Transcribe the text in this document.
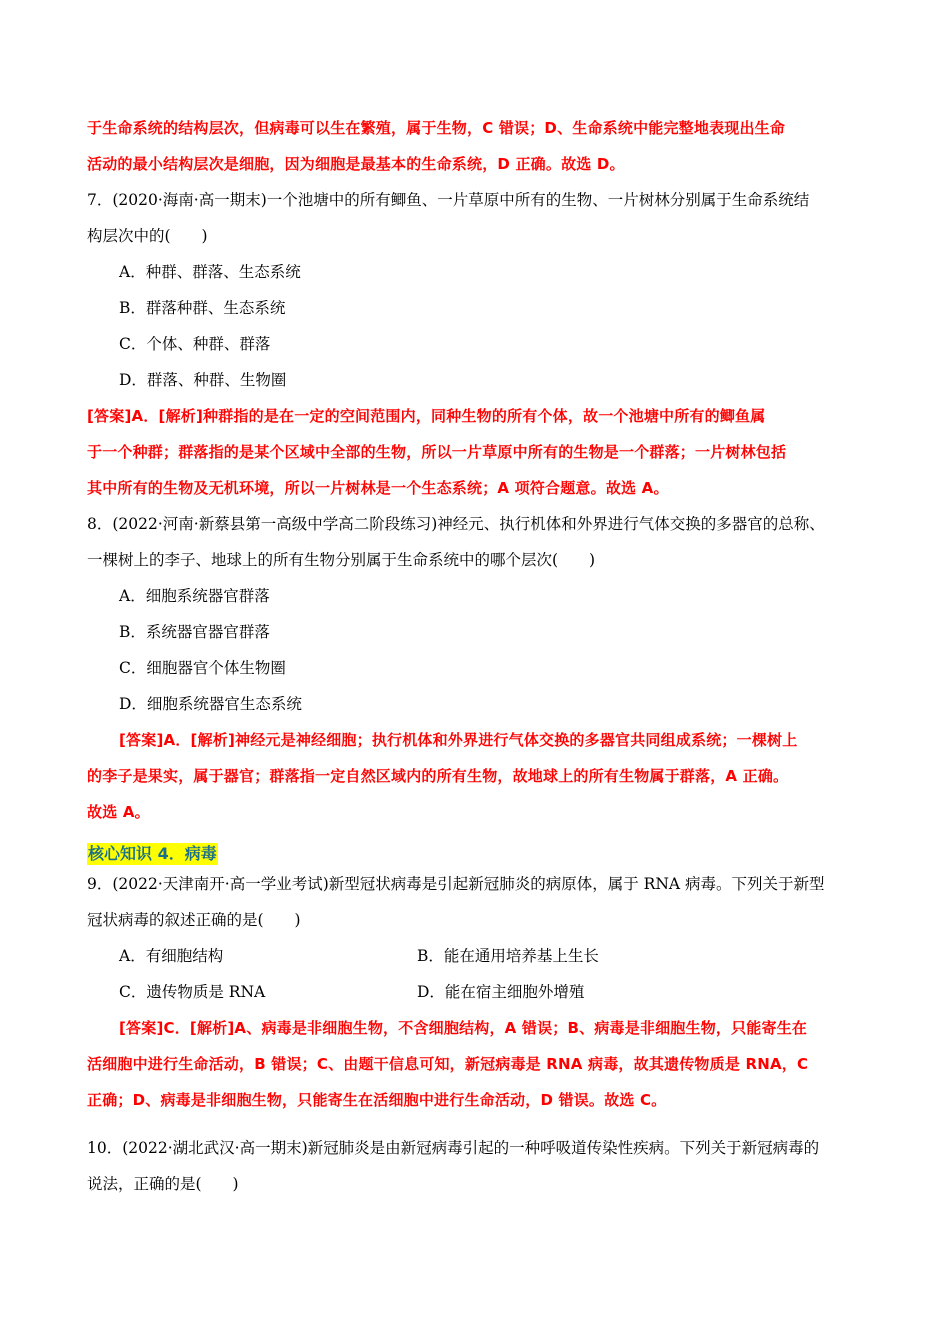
于生命系统的结构层次，但病毒可以生在繁殖，属于生物，C 错误；D、生命系统中能完整地表现出生命
活动的最小结构层次是细胞，因为细胞是最基本的生命系统，D 正确。故选 D。
7．(2020·海南·高一期末)一个池塘中的所有鲫鱼、一片草原中所有的生物、一片树林分别属于生命系统结
构层次中的(　　)
A．种群、群落、生态系统
B．群落种群、生态系统
C．个体、种群、群落
D．群落、种群、生物圈
[答案]A．[解析]种群指的是在一定的空间范围内，同种生物的所有个体，故一个池塘中所有的鲫鱼属
于一个种群；群落指的是某个区域中全部的生物，所以一片草原中所有的生物是一个群落；一片树林包括
其中所有的生物及无机环境，所以一片树林是一个生态系统；A 项符合题意。故选 A。
8．(2022·河南·新蔡县第一高级中学高二阶段练习)神经元、执行机体和外界进行气体交换的多器官的总称、
一棵树上的李子、地球上的所有生物分别属于生命系统中的哪个层次(　　)
A．细胞系统器官群落
B．系统器官器官群落
C．细胞器官个体生物圈
D．细胞系统器官生态系统
[答案]A．[解析]神经元是神经细胞；执行机体和外界进行气体交换的多器官共同组成系统；一棵树上
的李子是果实，属于器官；群落指一定自然区域内的所有生物，故地球上的所有生物属于群落，A 正确。
故选 A。
核心知识 4．病毒
9．(2022·天津南开·高一学业考试)新型冠状病毒是引起新冠肺炎的病原体，属于 RNA 病毒。下列关于新型
冠状病毒的叙述正确的是(　　)
A．有细胞结构	B．能在通用培养基上生长
C．遗传物质是 RNA	D．能在宿主细胞外增殖
[答案]C．[解析]A、病毒是非细胞生物，不含细胞结构，A 错误；B、病毒是非细胞生物，只能寄生在
活细胞中进行生命活动，B 错误；C、由题干信息可知，新冠病毒是 RNA 病毒，故其遗传物质是 RNA，C
正确；D、病毒是非细胞生物，只能寄生在活细胞中进行生命活动，D 错误。故选 C。
10．(2022·湖北武汉·高一期末)新冠肺炎是由新冠病毒引起的一种呼吸道传染性疾病。下列关于新冠病毒的
说法，正确的是(　　)
